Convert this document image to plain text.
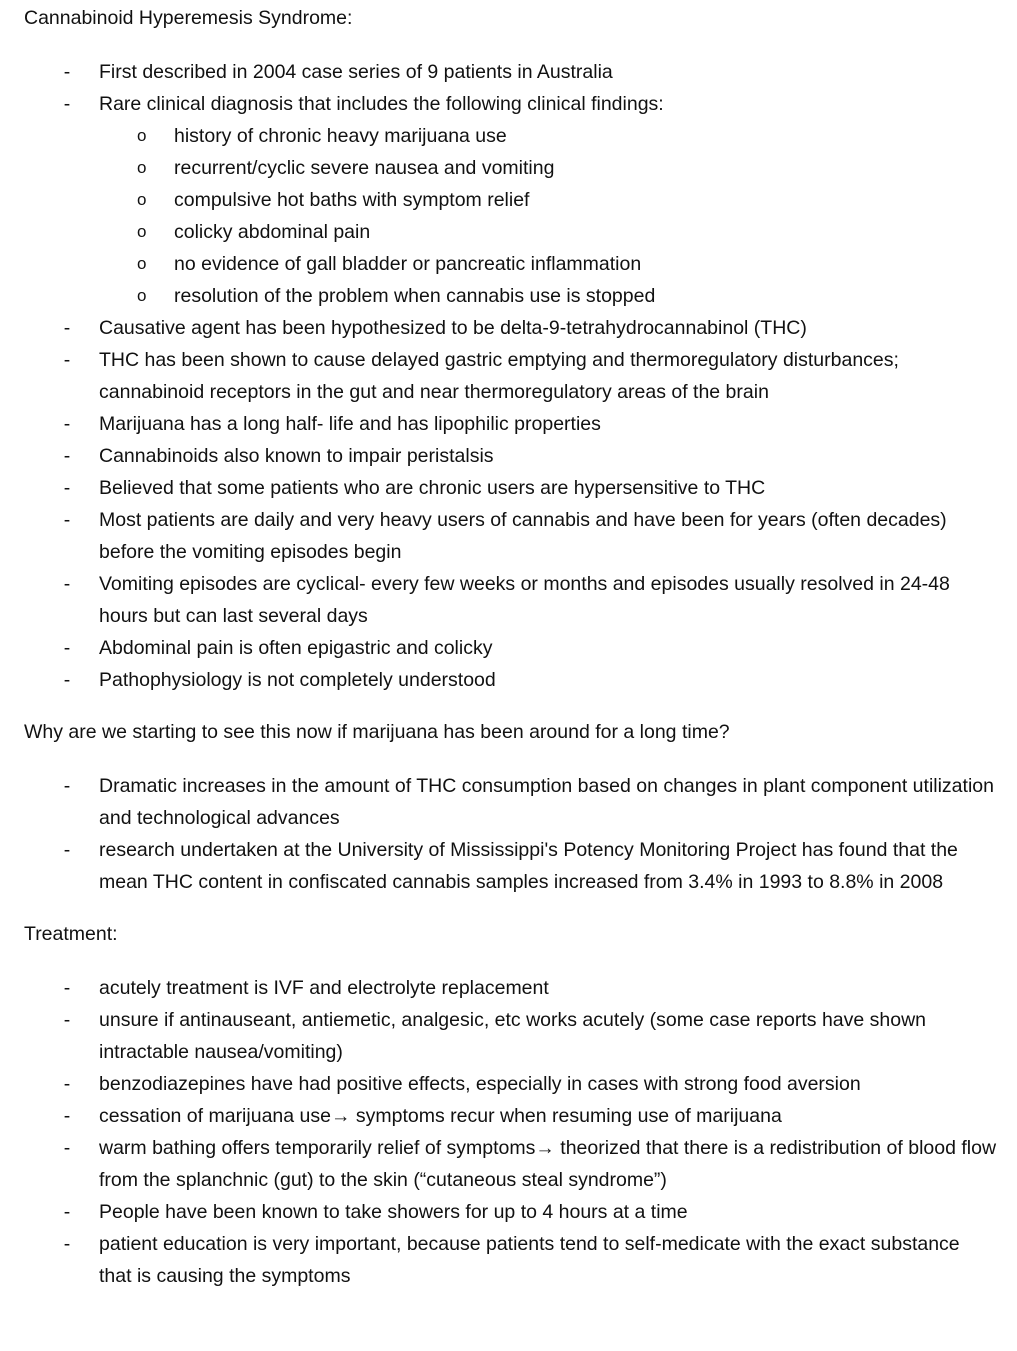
Cannabinoid Hyperemesis Syndrome:

- First described in 2004 case series of 9 patients in Australia
- Rare clinical diagnosis that includes the following clinical findings:
o history of chronic heavy marijuana use
o recurrent/cyclic severe nausea and vomiting
o compulsive hot baths with symptom relief
o colicky abdominal pain
o no evidence of gall bladder or pancreatic inflammation
o resolution of the problem when cannabis use is stopped
- Causative agent has been hypothesized to be delta-9-tetrahydrocannabinol (THC)
- THC has been shown to cause delayed gastric emptying and thermoregulatory disturbances; cannabinoid receptors in the gut and near thermoregulatory areas of the brain
- Marijuana has a long half- life and has lipophilic properties
- Cannabinoids also known to impair peristalsis
- Believed that some patients who are chronic users are hypersensitive to THC
- Most patients are daily and very heavy users of cannabis and have been for years (often decades) before the vomiting episodes begin
- Vomiting episodes are cyclical- every few weeks or months and episodes usually resolved in 24-48 hours but can last several days
- Abdominal pain is often epigastric and colicky
- Pathophysiology is not completely understood

Why are we starting to see this now if marijuana has been around for a long time?

- Dramatic increases in the amount of THC consumption based on changes in plant component utilization and technological advances
- research undertaken at the University of Mississippi's Potency Monitoring Project has found that the mean THC content in confiscated cannabis samples increased from 3.4% in 1993 to 8.8% in 2008

Treatment:

- acutely treatment is IVF and electrolyte replacement
- unsure if antinauseant, antiemetic, analgesic, etc works acutely (some case reports have shown intractable nausea/vomiting)
- benzodiazepines have had positive effects, especially in cases with strong food aversion
- cessation of marijuana use→ symptoms recur when resuming use of marijuana
- warm bathing offers temporarily relief of symptoms→ theorized that there is a redistribution of blood flow from the splanchnic (gut) to the skin (“cutaneous steal syndrome”)
- People have been known to take showers for up to 4 hours at a time
- patient education is very important, because patients tend to self-medicate with the exact substance that is causing the symptoms
